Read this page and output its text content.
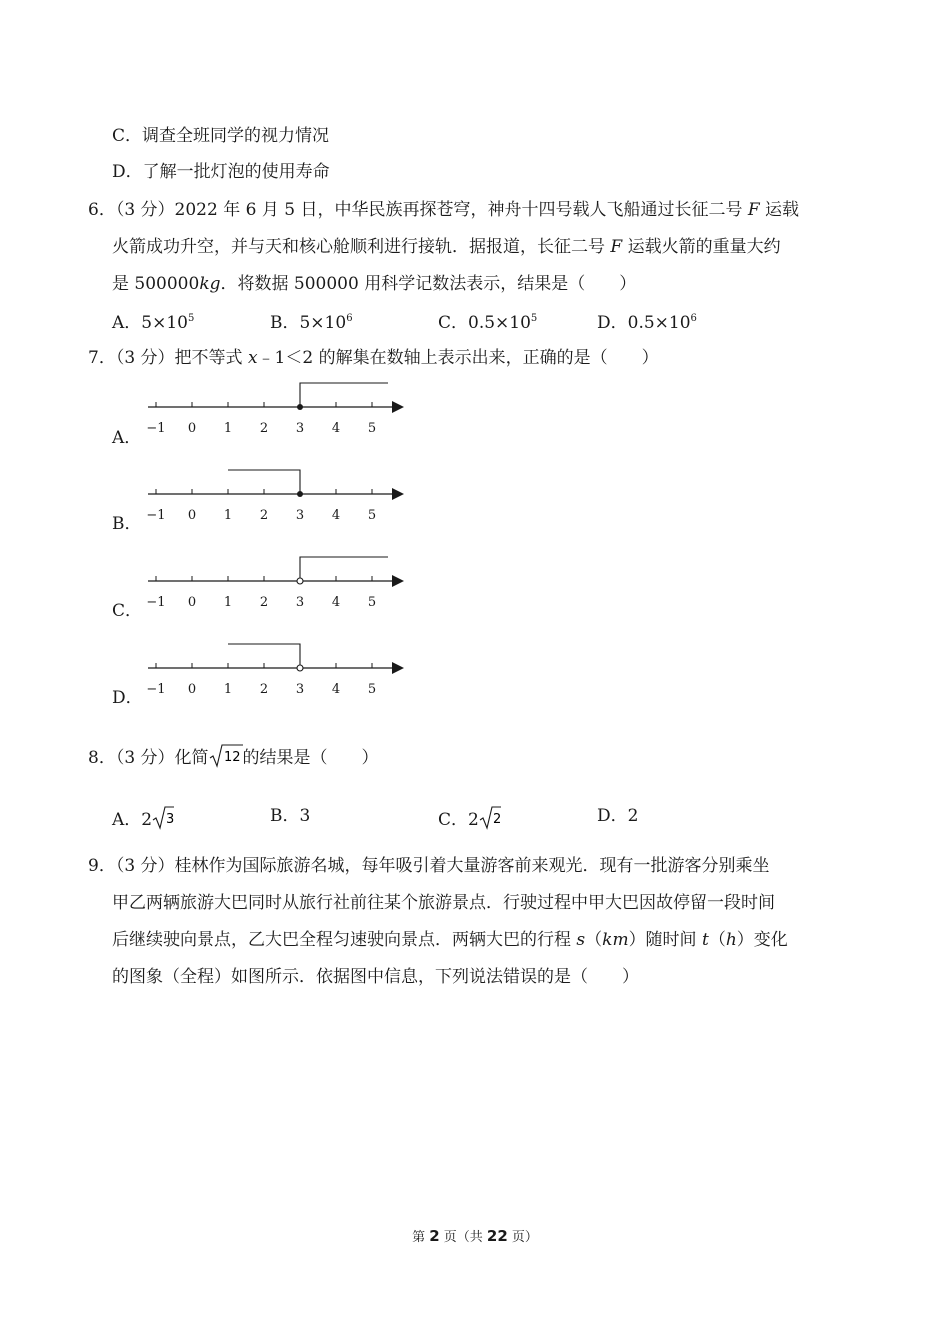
C．调查全班同学的视力情况
D．了解一批灯泡的使用寿命
6．（3 分）2022 年 6 月 5 日，中华民族再探苍穹，神舟十四号载人飞船通过长征二号 F 运载
火箭成功升空，并与天和核心舱顺利进行接轨．据报道，长征二号 F 运载火箭的重量大约
是 500000kg．将数据 500000 用科学记数法表示，结果是（　　）
A．$5\times 10^5$	B．$5\times 10^6$	C．$0.5\times 10^5$	D．$0.5\times 10^6$
7．（3 分）把不等式 x﹣1＜2 的解集在数轴上表示出来，正确的是（　　）
A．
B．
C．
D．
−1 0 1 2 3 4 5
−1 0 1 2 3 4 5
−1 0 1 2 3 4 5
−1 0 1 2 3 4 5
8．（3 分）化简 12 的结果是（　　）
A．2 3	B．3	C．2 2	D．2
9．（3 分）桂林作为国际旅游名城，每年吸引着大量游客前来观光．现有一批游客分别乘坐
甲乙两辆旅游大巴同时从旅行社前往某个旅游景点．行驶过程中甲大巴因故停留一段时间
后继续驶向景点，乙大巴全程匀速驶向景点．两辆大巴的行程 s（km）随时间 t（h）变化
的图象（全程）如图所示．依据图中信息，下列说法错误的是（　　）
第 2 页（共 22 页）
